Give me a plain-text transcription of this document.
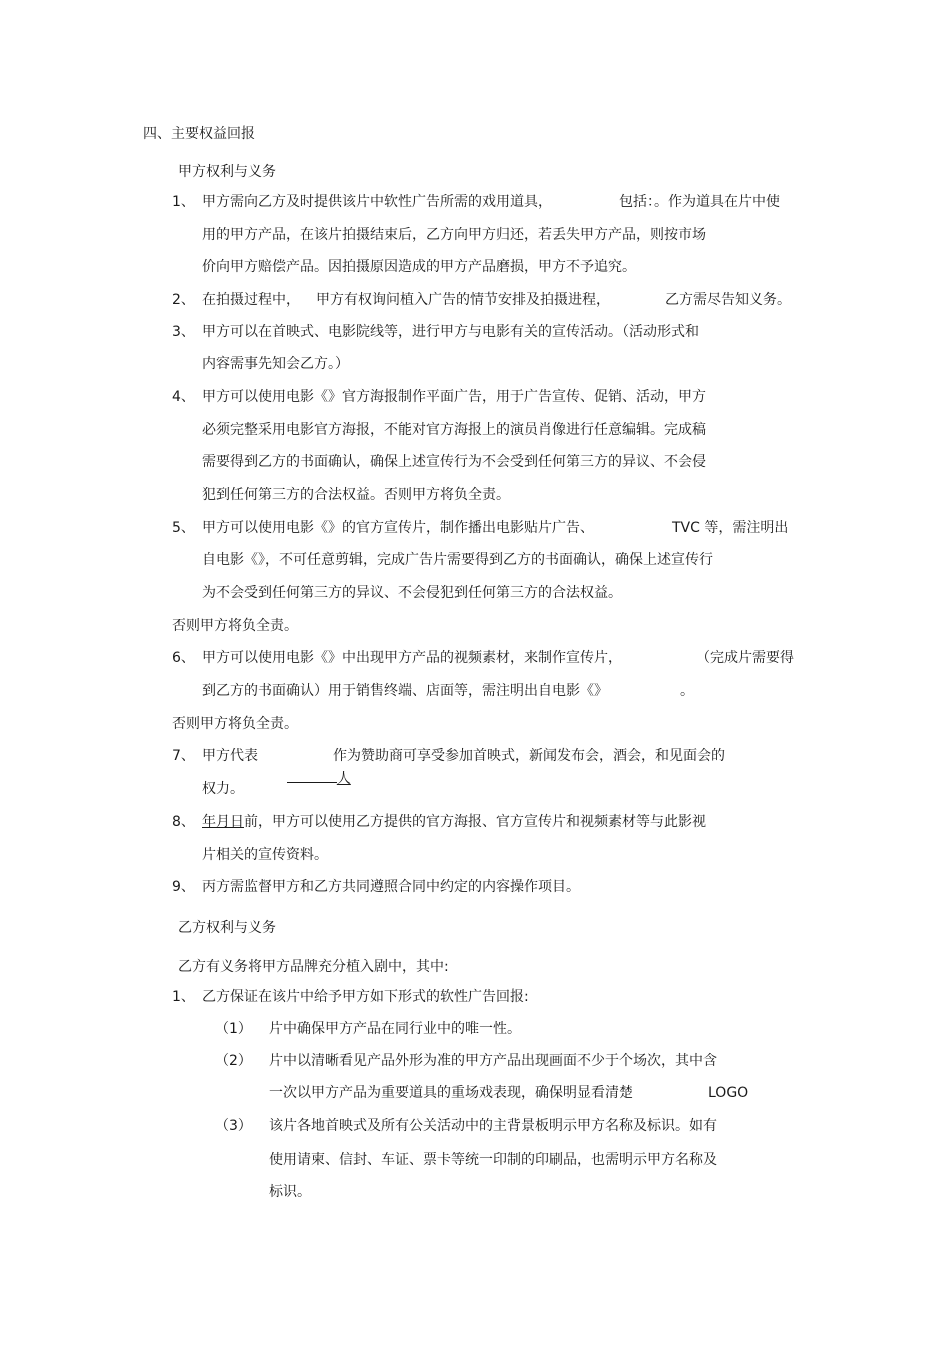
四、主要权益回报
甲方权利与义务
1、 甲方需向乙方及时提供该片中软性广告所需的戏用道具，	包括：。作为道具在片中使
用的甲方产品，在该片拍摄结束后，乙方向甲方归还，若丢失甲方产品，则按市场
价向甲方赔偿产品。因拍摄原因造成的甲方产品磨损，甲方不予追究。
2、 在拍摄过程中， 甲方有权询问植入广告的情节安排及拍摄进程，	乙方需尽告知义务。
3、 甲方可以在首映式、电影院线等，进行甲方与电影有关的宣传活动。（活动形式和
内容需事先知会乙方。）
4、 甲方可以使用电影《》官方海报制作平面广告，用于广告宣传、促销、活动，甲方
必须完整采用电影官方海报，不能对官方海报上的演员肖像进行任意编辑。完成稿
需要得到乙方的书面确认，确保上述宣传行为不会受到任何第三方的异议、不会侵
犯到任何第三方的合法权益。否则甲方将负全责。
5、 甲方可以使用电影《》的官方宣传片，制作播出电影贴片广告、	TVC 等，需注明出
自电影《》，不可任意剪辑，完成广告片需要得到乙方的书面确认，确保上述宣传行
为不会受到任何第三方的异议、不会侵犯到任何第三方的合法权益。
否则甲方将负全责。
6、 甲方可以使用电影《》中出现甲方产品的视频素材，来制作宣传片，	（完成片需要得
到乙方的书面确认）用于销售终端、店面等，需注明出自电影《》	。
否则甲方将负全责。
7、 甲方代表

人

作为赞助商可享受参加首映式，新闻发布会，酒会，和见面会的
权力。
8、 年月日 前，甲方可以使用乙方提供的官方海报、官方宣传片和视频素材等与此影视
片相关的宣传资料。
9、 丙方需监督甲方和乙方共同遵照合同中约定的内容操作项目。
乙方权利与义务
乙方有义务将甲方品牌充分植入剧中，其中:
1、 乙方保证在该片中给予甲方如下形式的软性广告回报:
（1） 片中确保甲方产品在同行业中的唯一性。
（2） 片中以清晰看见产品外形为准的甲方产品出现画面不少于个场次，其中含
一次以甲方产品为重要道具的重场戏表现，确保明显看清楚	LOGO
（3） 该片各地首映式及所有公关活动中的主背景板明示甲方名称及标识。如有
使用请柬、信封、车证、票卡等统一印制的印刷品，也需明示甲方名称及
标识。
